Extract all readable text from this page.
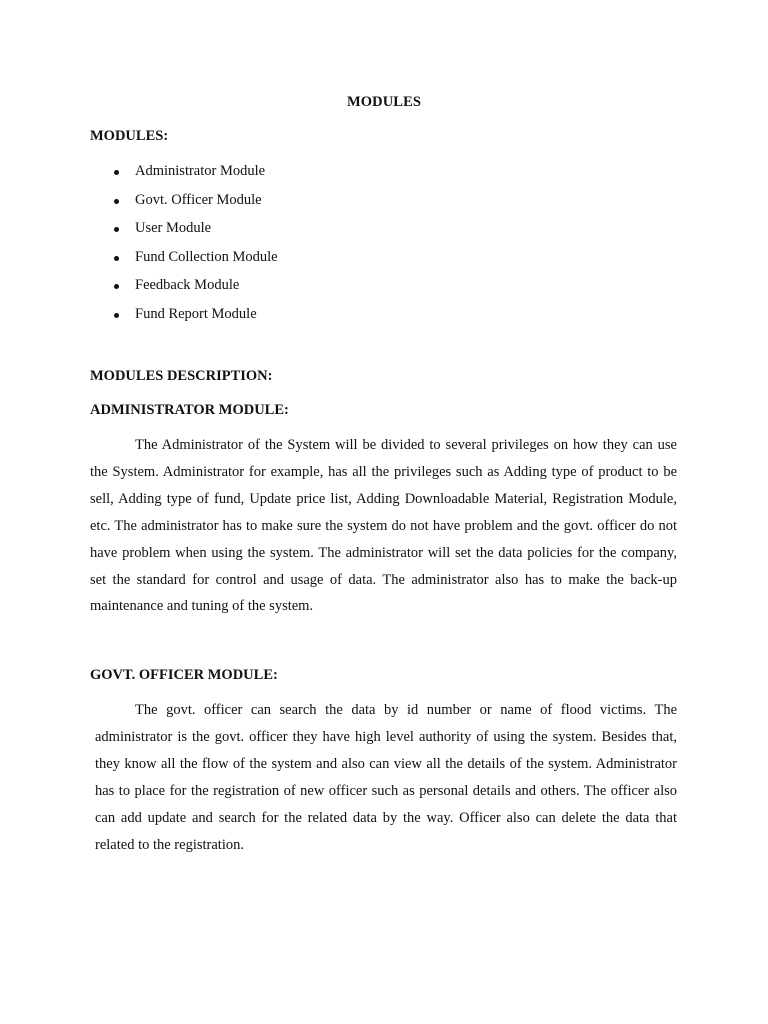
MODULES
MODULES:
Administrator Module
Govt. Officer Module
User Module
Fund Collection Module
Feedback Module
Fund Report Module
MODULES DESCRIPTION:
ADMINISTRATOR MODULE:

The Administrator of the System will be divided to several privileges on how they can use the System. Administrator for example, has all the privileges such as Adding type of product to be sell, Adding type of fund, Update price list, Adding Downloadable Material, Registration Module, etc. The administrator has to make sure the system do not have problem and the govt. officer do not have problem when using the system. The administrator will set the data policies for the company, set the standard for control and usage of data. The administrator also has to make the back-up maintenance and tuning of the system.

GOVT. OFFICER MODULE:

The govt. officer can search the data by id number or name of flood victims. The administrator is the govt. officer they have high level authority of using the system. Besides that, they know all the flow of the system and also can view all the details of the system. Administrator has to place for the registration of new officer such as personal details and others. The officer also can add update and search for the related data by the way. Officer also can delete the data that related to the registration.
